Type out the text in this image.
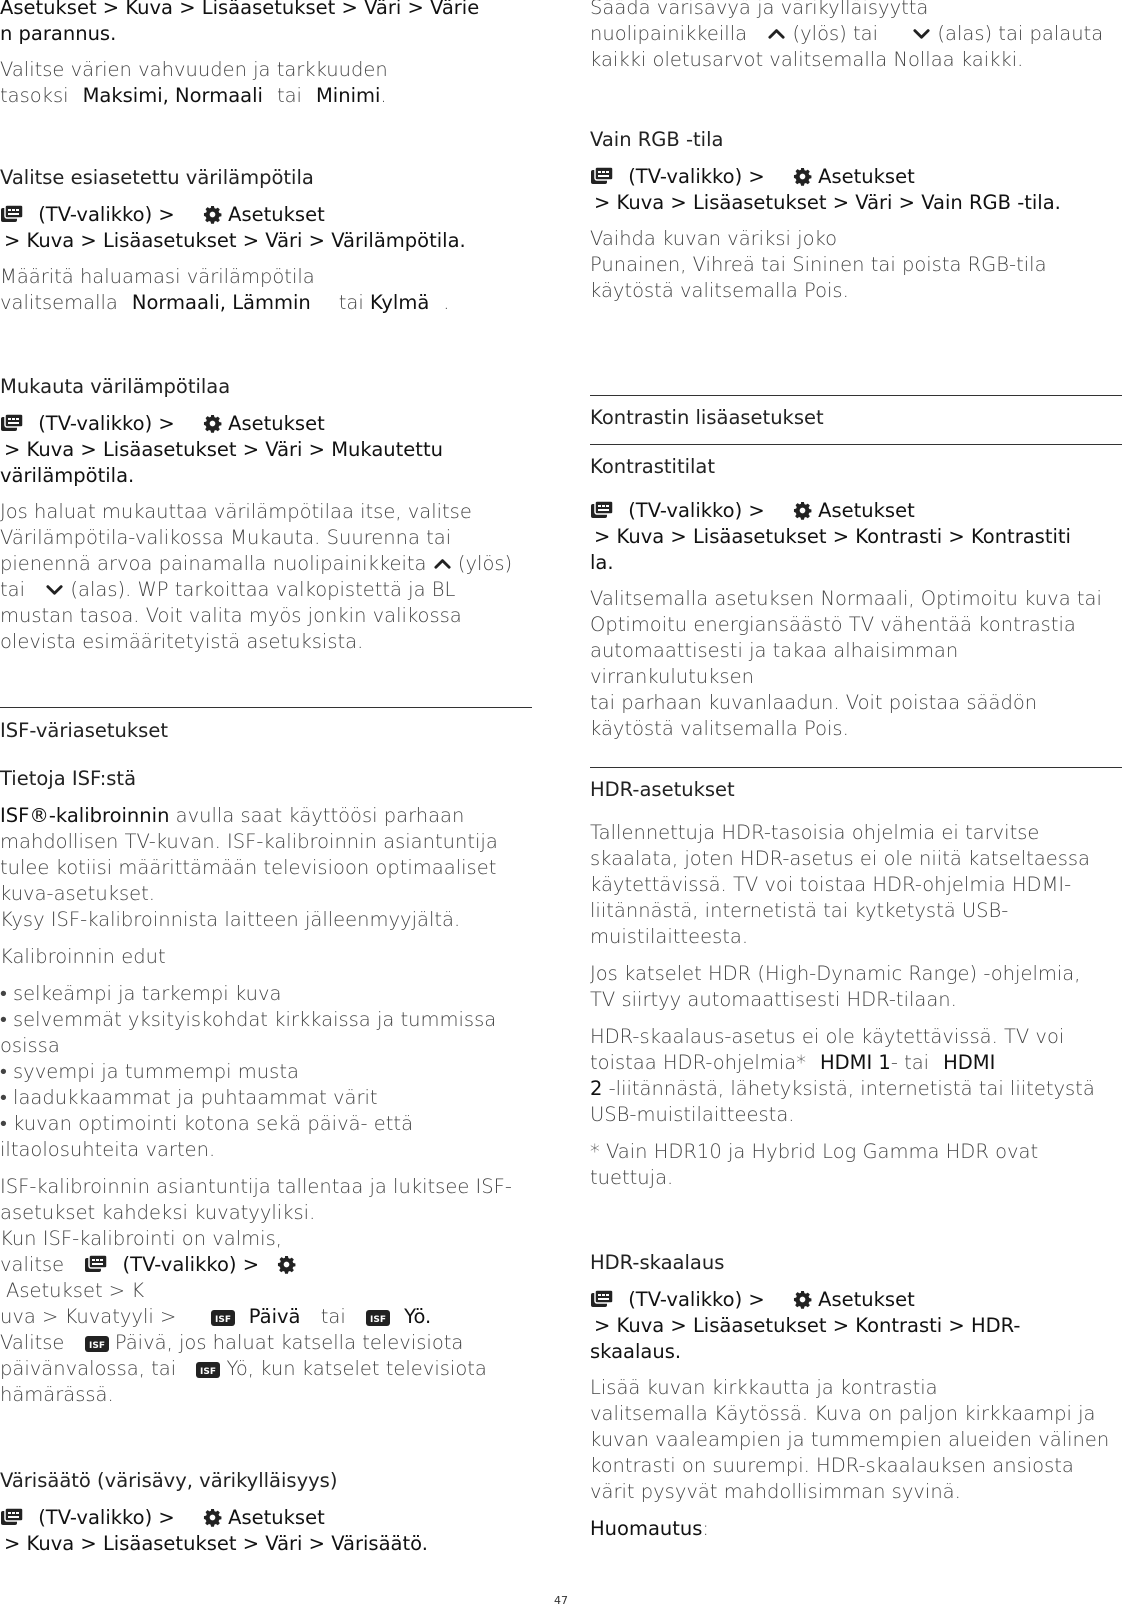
Asetukset > Kuva > Lisäasetukset > Väri > Värie

n parannus.

Valitse värien vahvuuden ja tarkkuuden

tasoksi Maksimi, Normaali tai Minimi.

Valitse esiasetettu värilämpötila

(TV-valikko) >	Asetukset

> Kuva > Lisäasetukset > Väri > Värilämpötila.

Määritä haluamasi värilämpötila

valitsemalla Normaali, Lämmin tai Kylmä .

Mukauta värilämpötilaa

(TV-valikko) >	Asetukset

> Kuva > Lisäasetukset > Väri > Mukautettu

värilämpötila.

Jos haluat mukauttaa värilämpötilaa itse, valitse

Värilämpötila-valikossa Mukauta. Suurenna tai

pienennä arvoa painamalla nuolipainikkeita (ylös)

tai (alas). WP tarkoittaa valkopistettä ja BL

mustan tasoa. Voit valita myös jonkin valikossa

olevista esimääritetyistä asetuksista.

ISF-väriasetukset

Tietoja ISF:stä

ISF®-kalibroinnin avulla saat käyttöösi parhaan

mahdollisen TV-kuvan. ISF-kalibroinnin asiantuntija

tulee kotiisi määrittämään televisioon optimaaliset

kuva-asetukset.

Kysy ISF-kalibroinnista laitteen jälleenmyyjältä.

Kalibroinnin edut

• selkeämpi ja tarkempi kuva

• selvemmät yksityiskohdat kirkkaissa ja tummissa

osissa

• syvempi ja tummempi musta

• laadukkaammat ja puhtaammat värit

• kuvan optimointi kotona sekä päivä- että

iltaolosuhteita varten.

ISF-kalibroinnin asiantuntija tallentaa ja lukitsee ISF-

asetukset kahdeksi kuvatyyliksi.

Kun ISF-kalibrointi on valmis,

valitse	(TV-valikko) >

Asetukset > K

uva > Kuvatyyli >	Päivä tai	Yö.

Valitse	Päivä, jos haluat katsella televisiota

päivänvalossa, tai	Yö, kun katselet televisiota

hämärässä.

Värisäätö (värisävy, värikylläisyys)

(TV-valikko) >	Asetukset

> Kuva > Lisäasetukset > Väri > Värisäätö.

Säädä värisävyä ja värikylläisyyttä

nuolipainikkeilla (ylös) tai	(alas) tai palauta

kaikki oletusarvot valitsemalla Nollaa kaikki.

Vain RGB -tila

(TV-valikko) >	Asetukset

> Kuva > Lisäasetukset > Väri > Vain RGB -tila.

Vaihda kuvan väriksi joko

Punainen, Vihreä tai Sininen tai poista RGB-tila

käytöstä valitsemalla Pois.

Kontrastin lisäasetukset

Kontrastitilat

(TV-valikko) >	Asetukset

> Kuva > Lisäasetukset > Kontrasti > Kontrastiti

la.

Valitsemalla asetuksen Normaali, Optimoitu kuva tai

Optimoitu energiansäästö TV vähentää kontrastia

automaattisesti ja takaa alhaisimman virrankulutuksen

tai parhaan kuvanlaadun. Voit poistaa säädön

käytöstä valitsemalla Pois.

HDR-asetukset

Tallennettuja HDR-tasoisia ohjelmia ei tarvitse

skaalata, joten HDR-asetus ei ole niitä katseltaessa

käytettävissä. TV voi toistaa HDR-ohjelmia HDMI-

liitännästä, internetistä tai kytketystä USB-

muistilaitteesta.

Jos katselet HDR (High-Dynamic Range) -ohjelmia,

TV siirtyy automaattisesti HDR-tilaan.

HDR-skaalaus-asetus ei ole käytettävissä. TV voi

toistaa HDR-ohjelmia* HDMI 1- tai HDMI

2 -liitännästä, lähetyksistä, internetistä tai liitetystä

USB-muistilaitteesta.

* Vain HDR10 ja Hybrid Log Gamma HDR ovat

tuettuja.

HDR-skaalaus

(TV-valikko) >	Asetukset

> Kuva > Lisäasetukset > Kontrasti > HDR-

skaalaus.

Lisää kuvan kirkkautta ja kontrastia

valitsemalla Käytössä. Kuva on paljon kirkkaampi ja

kuvan vaaleampien ja tummempien alueiden välinen

kontrasti on suurempi. HDR-skaalauksen ansiosta

värit pysyvät mahdollisimman syvinä.

Huomautus:

47
